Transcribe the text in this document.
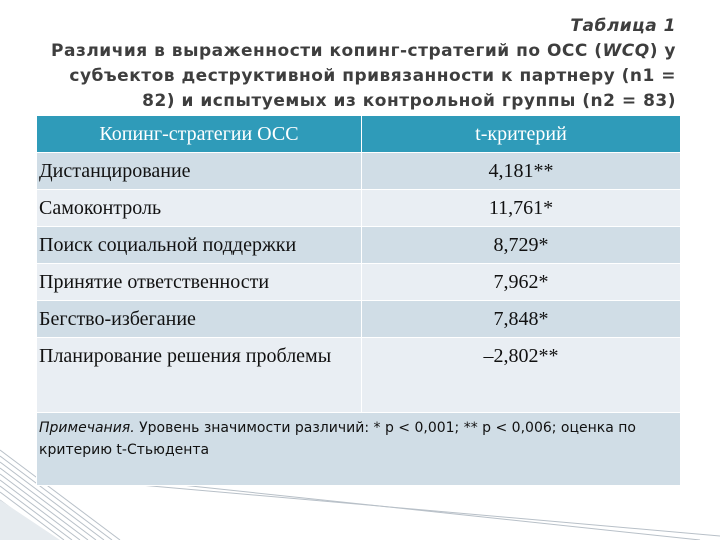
Таблица 1
Различия в выраженности копинг-стратегий по ОСС (WCQ) у субъектов деструктивной привязанности к партнеру (n1 = 82) и испытуемых из контрольной группы (n2 = 83)
Копинг-стратегии ОСС	t-критерий
Дистанцирование	4,181**
Самоконтроль	11,761*
Поиск социальной поддержки	8,729*
Принятие ответственности	7,962*
Бегство-избегание	7,848*
Планирование решения проблемы	–2,802**
Примечания. Уровень значимости различий: * p < 0,001; ** p < 0,006; оценка по критерию t-Стьюдента	
